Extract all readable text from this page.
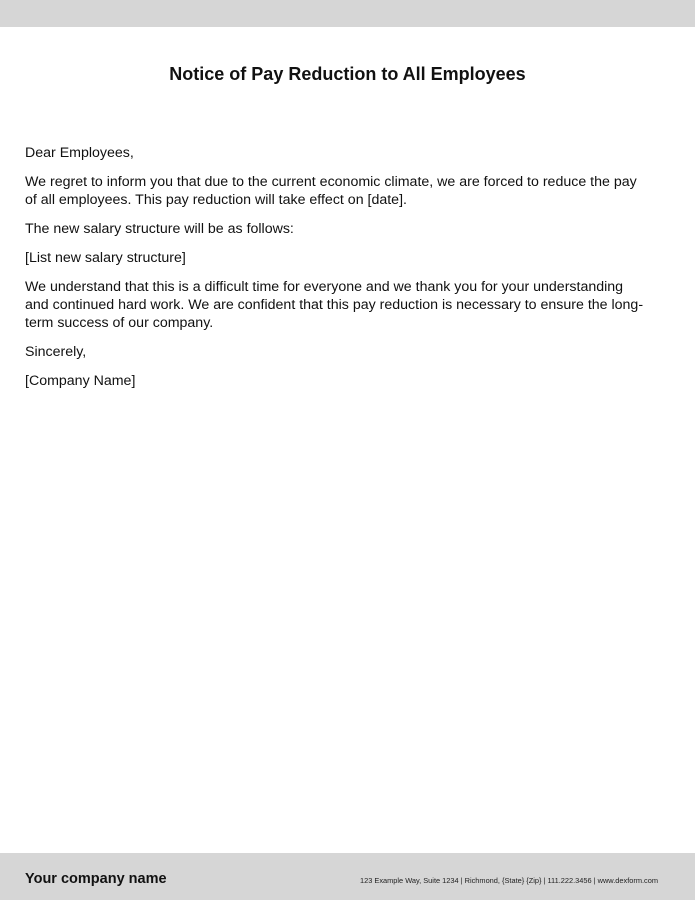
Notice of Pay Reduction to All Employees

Dear Employees,

We regret to inform you that due to the current economic climate, we are forced to reduce the pay of all employees. This pay reduction will take effect on [date].

The new salary structure will be as follows:

[List new salary structure]

We understand that this is a difficult time for everyone and we thank you for your understanding and continued hard work. We are confident that this pay reduction is necessary to ensure the long-term success of our company.

Sincerely,

[Company Name]

Your company name	123 Example Way, Suite 1234 | Richmond, {State} {Zip} | 111.222.3456 | www.dexform.com
